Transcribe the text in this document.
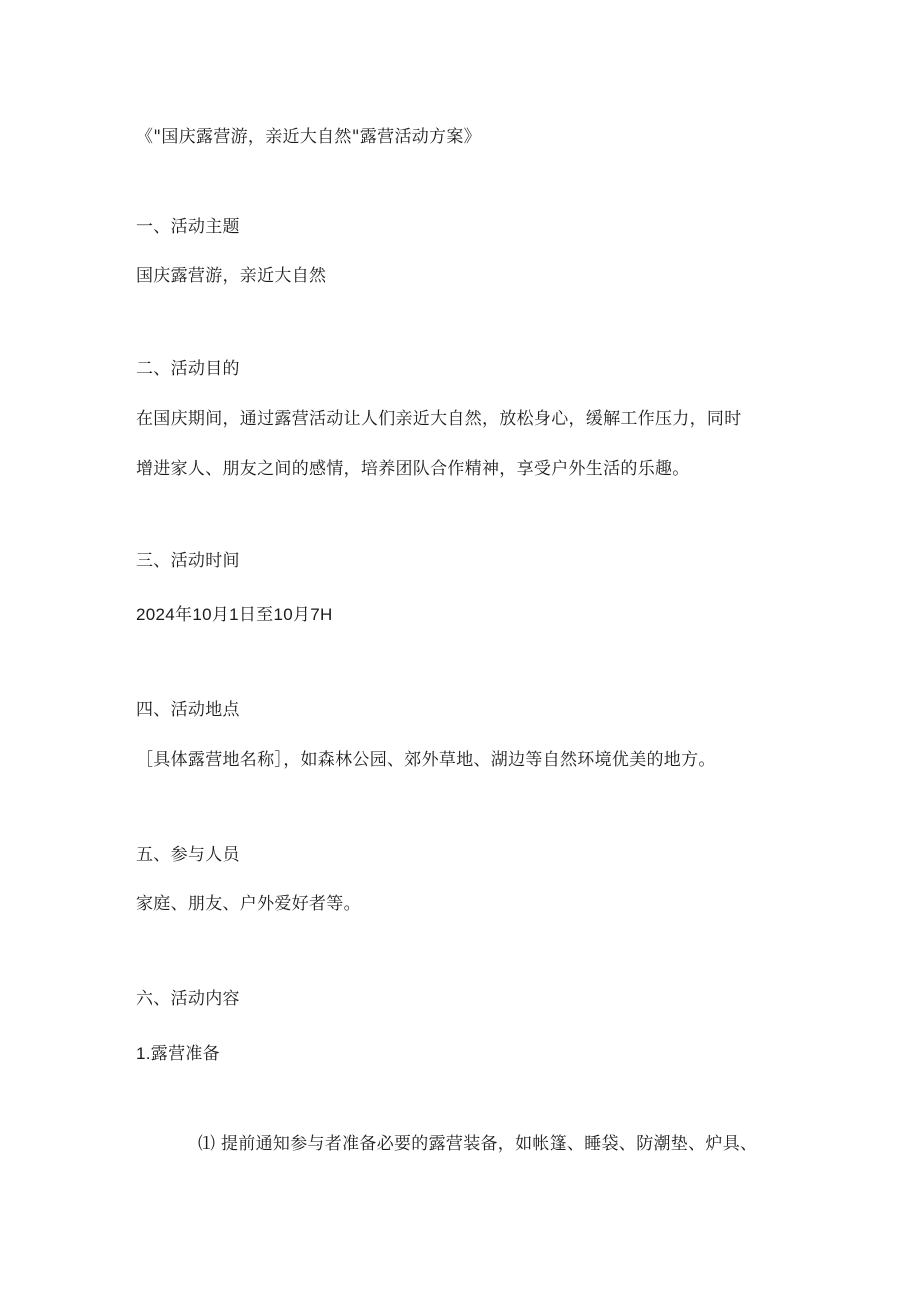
《"国庆露营游，亲近大自然"露营活动方案》
一、活动主题
国庆露营游，亲近大自然
二、活动目的
在国庆期间，通过露营活动让人们亲近大自然，放松身心，缓解工作压力，同时
增进家人、朋友之间的感情，培养团队合作精神，享受户外生活的乐趣。
三、活动时间
2024年10月1日至10月7H
四、活动地点
［具体露营地名称］，如森林公园、郊外草地、湖边等自然环境优美的地方。
五、参与人员
家庭、朋友、户外爱好者等。
六、活动内容
1.露营准备
⑴ 提前通知参与者准备必要的露营装备，如帐篷、睡袋、防潮垫、炉具、
